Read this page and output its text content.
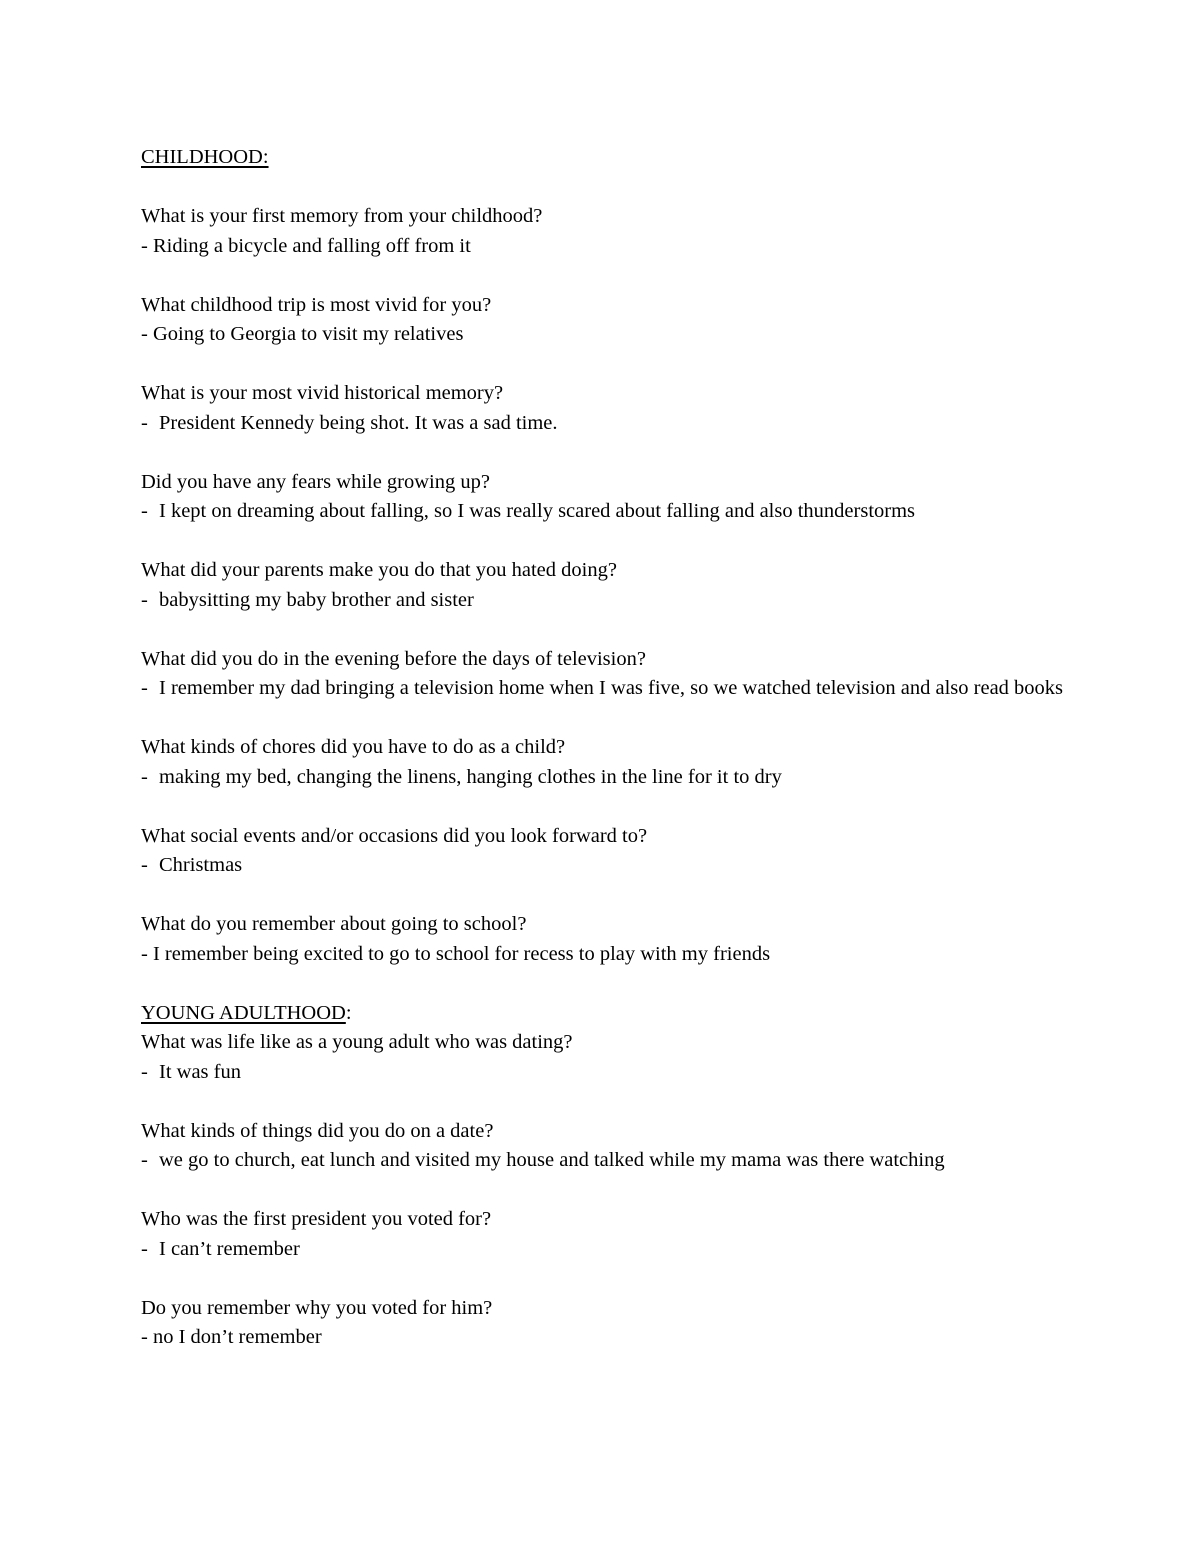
CHILDHOOD:
What is your first memory from your childhood?
- Riding a bicycle and falling off from it
What childhood trip is most vivid for you?
- Going to Georgia to visit my relatives
What is your most vivid historical memory?
- President Kennedy being shot. It was a sad time.
Did you have any fears while growing up?
- I kept on dreaming about falling, so I was really scared about falling and also thunderstorms
What did your parents make you do that you hated doing?
- babysitting my baby brother and sister
What did you do in the evening before the days of television?
- I remember my dad bringing a television home when I was five, so we watched television and also read books
What kinds of chores did you have to do as a child?
- making my bed, changing the linens, hanging clothes in the line for it to dry
What social events and/or occasions did you look forward to?
- Christmas
What do you remember about going to school?
- I remember being excited to go to school for recess to play with my friends
YOUNG ADULTHOOD:
What was life like as a young adult who was dating?
- It was fun
What kinds of things did you do on a date?
- we go to church, eat lunch and visited my house and talked while my mama was there watching
Who was the first president you voted for?
- I can’t remember
Do you remember why you voted for him?
- no I don’t remember
